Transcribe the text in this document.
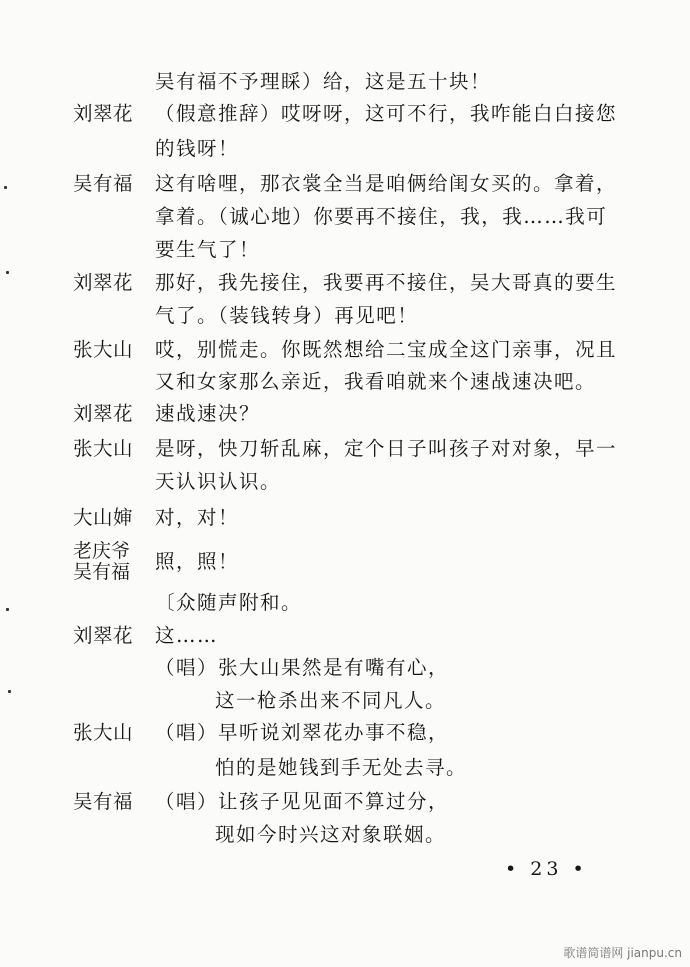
刘翠花
吴有福
刘翠花
张大山
刘翠花
张大山
大山婶
老庆爷
吴有福
刘翠花
张大山
吴有福
吴有福不予理睬）给，这是五十块！
（假意推辞）哎呀呀，这可不行，我咋能白白接您
的钱呀！
这有啥哩，那衣裳全当是咱俩给闺女买的。拿着，
拿着。（诚心地）你要再不接住，我，我……我可
要生气了！
那好，我先接住，我要再不接住，吴大哥真的要生
气了。（装钱转身）再见吧！
哎，别慌走。你既然想给二宝成全这门亲事，况且
又和女家那么亲近，我看咱就来个速战速决吧。
速战速决？
是呀，快刀斩乱麻，定个日子叫孩子对对象，早一
天认识认识。
对，对！
照，照！
〔众随声附和。
这……
（唱）张大山果然是有嘴有心，
这一枪杀出来不同凡人。
（唱）早听说刘翠花办事不稳，
怕的是她钱到手无处去寻。
（唱）让孩子见见面不算过分，
现如今时兴这对象联姻。
• 23 •
歌谱简谱网 jianpu.cn
